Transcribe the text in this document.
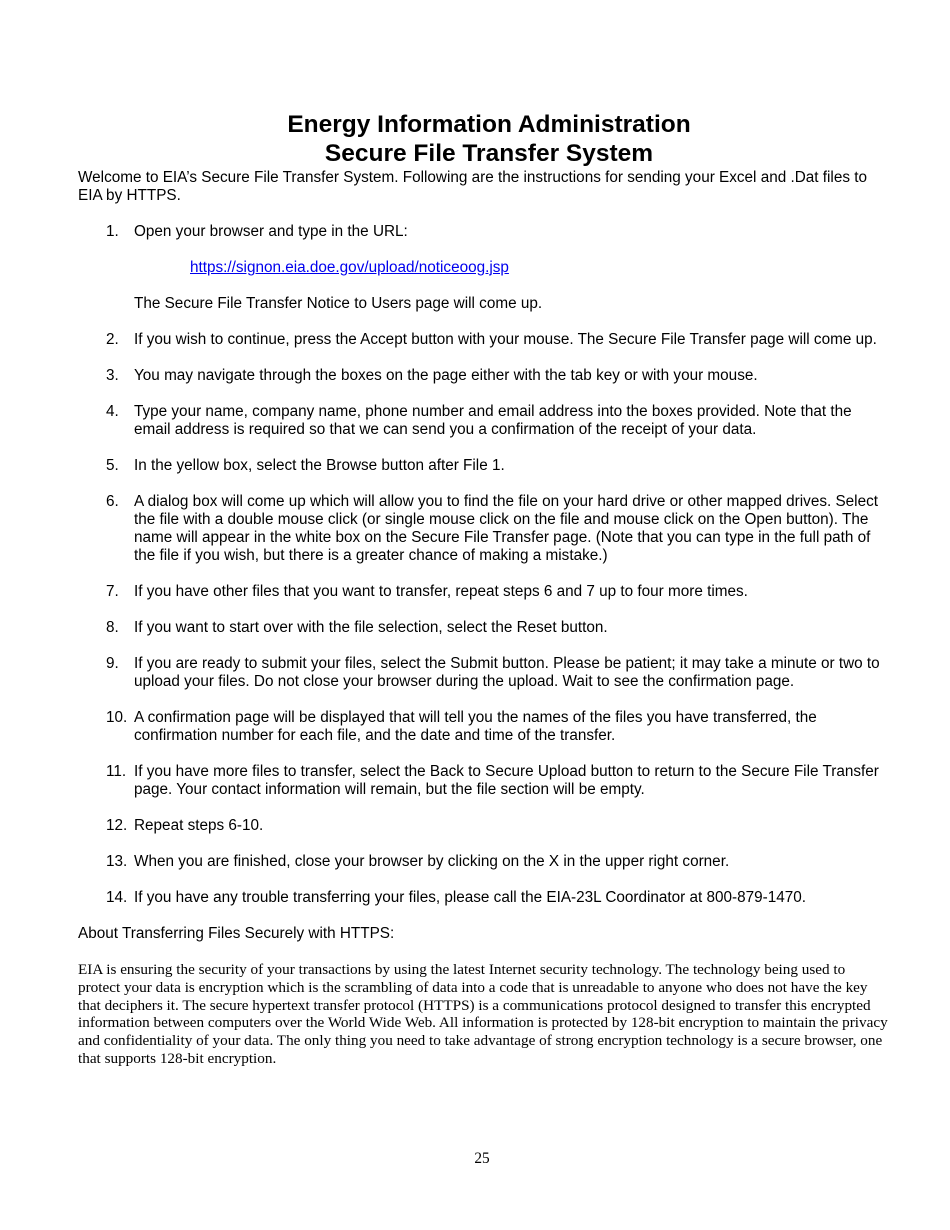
Energy Information Administration
Secure File Transfer System

Welcome to EIA’s Secure File Transfer System. Following are the instructions for sending your Excel and .Dat files to EIA by HTTPS.

1. Open your browser and type in the URL:
https://signon.eia.doe.gov/upload/noticeoog.jsp
The Secure File Transfer Notice to Users page will come up.
2. If you wish to continue, press the Accept button with your mouse. The Secure File Transfer page will come up.
3. You may navigate through the boxes on the page either with the tab key or with your mouse.
4. Type your name, company name, phone number and email address into the boxes provided. Note that the email address is required so that we can send you a confirmation of the receipt of your data.
5. In the yellow box, select the Browse button after File 1.
6. A dialog box will come up which will allow you to find the file on your hard drive or other mapped drives. Select the file with a double mouse click (or single mouse click on the file and mouse click on the Open button). The name will appear in the white box on the Secure File Transfer page. (Note that you can type in the full path of the file if you wish, but there is a greater chance of making a mistake.)
7. If you have other files that you want to transfer, repeat steps 6 and 7 up to four more times.
8. If you want to start over with the file selection, select the Reset button.
9. If you are ready to submit your files, select the Submit button. Please be patient; it may take a minute or two to upload your files. Do not close your browser during the upload. Wait to see the confirmation page.
10. A confirmation page will be displayed that will tell you the names of the files you have transferred, the confirmation number for each file, and the date and time of the transfer.
11. If you have more files to transfer, select the Back to Secure Upload button to return to the Secure File Transfer page. Your contact information will remain, but the file section will be empty.
12. Repeat steps 6-10.
13. When you are finished, close your browser by clicking on the X in the upper right corner.
14. If you have any trouble transferring your files, please call the EIA-23L Coordinator at 800-879-1470.
About Transferring Files Securely with HTTPS:

EIA is ensuring the security of your transactions by using the latest Internet security technology. The technology being used to protect your data is encryption which is the scrambling of data into a code that is unreadable to anyone who does not have the key that deciphers it. The secure hypertext transfer protocol (HTTPS) is a communications protocol designed to transfer this encrypted information between computers over the World Wide Web. All information is protected by 128-bit encryption to maintain the privacy and confidentiality of your data. The only thing you need to take advantage of strong encryption technology is a secure browser, one that supports 128-bit encryption.

25
